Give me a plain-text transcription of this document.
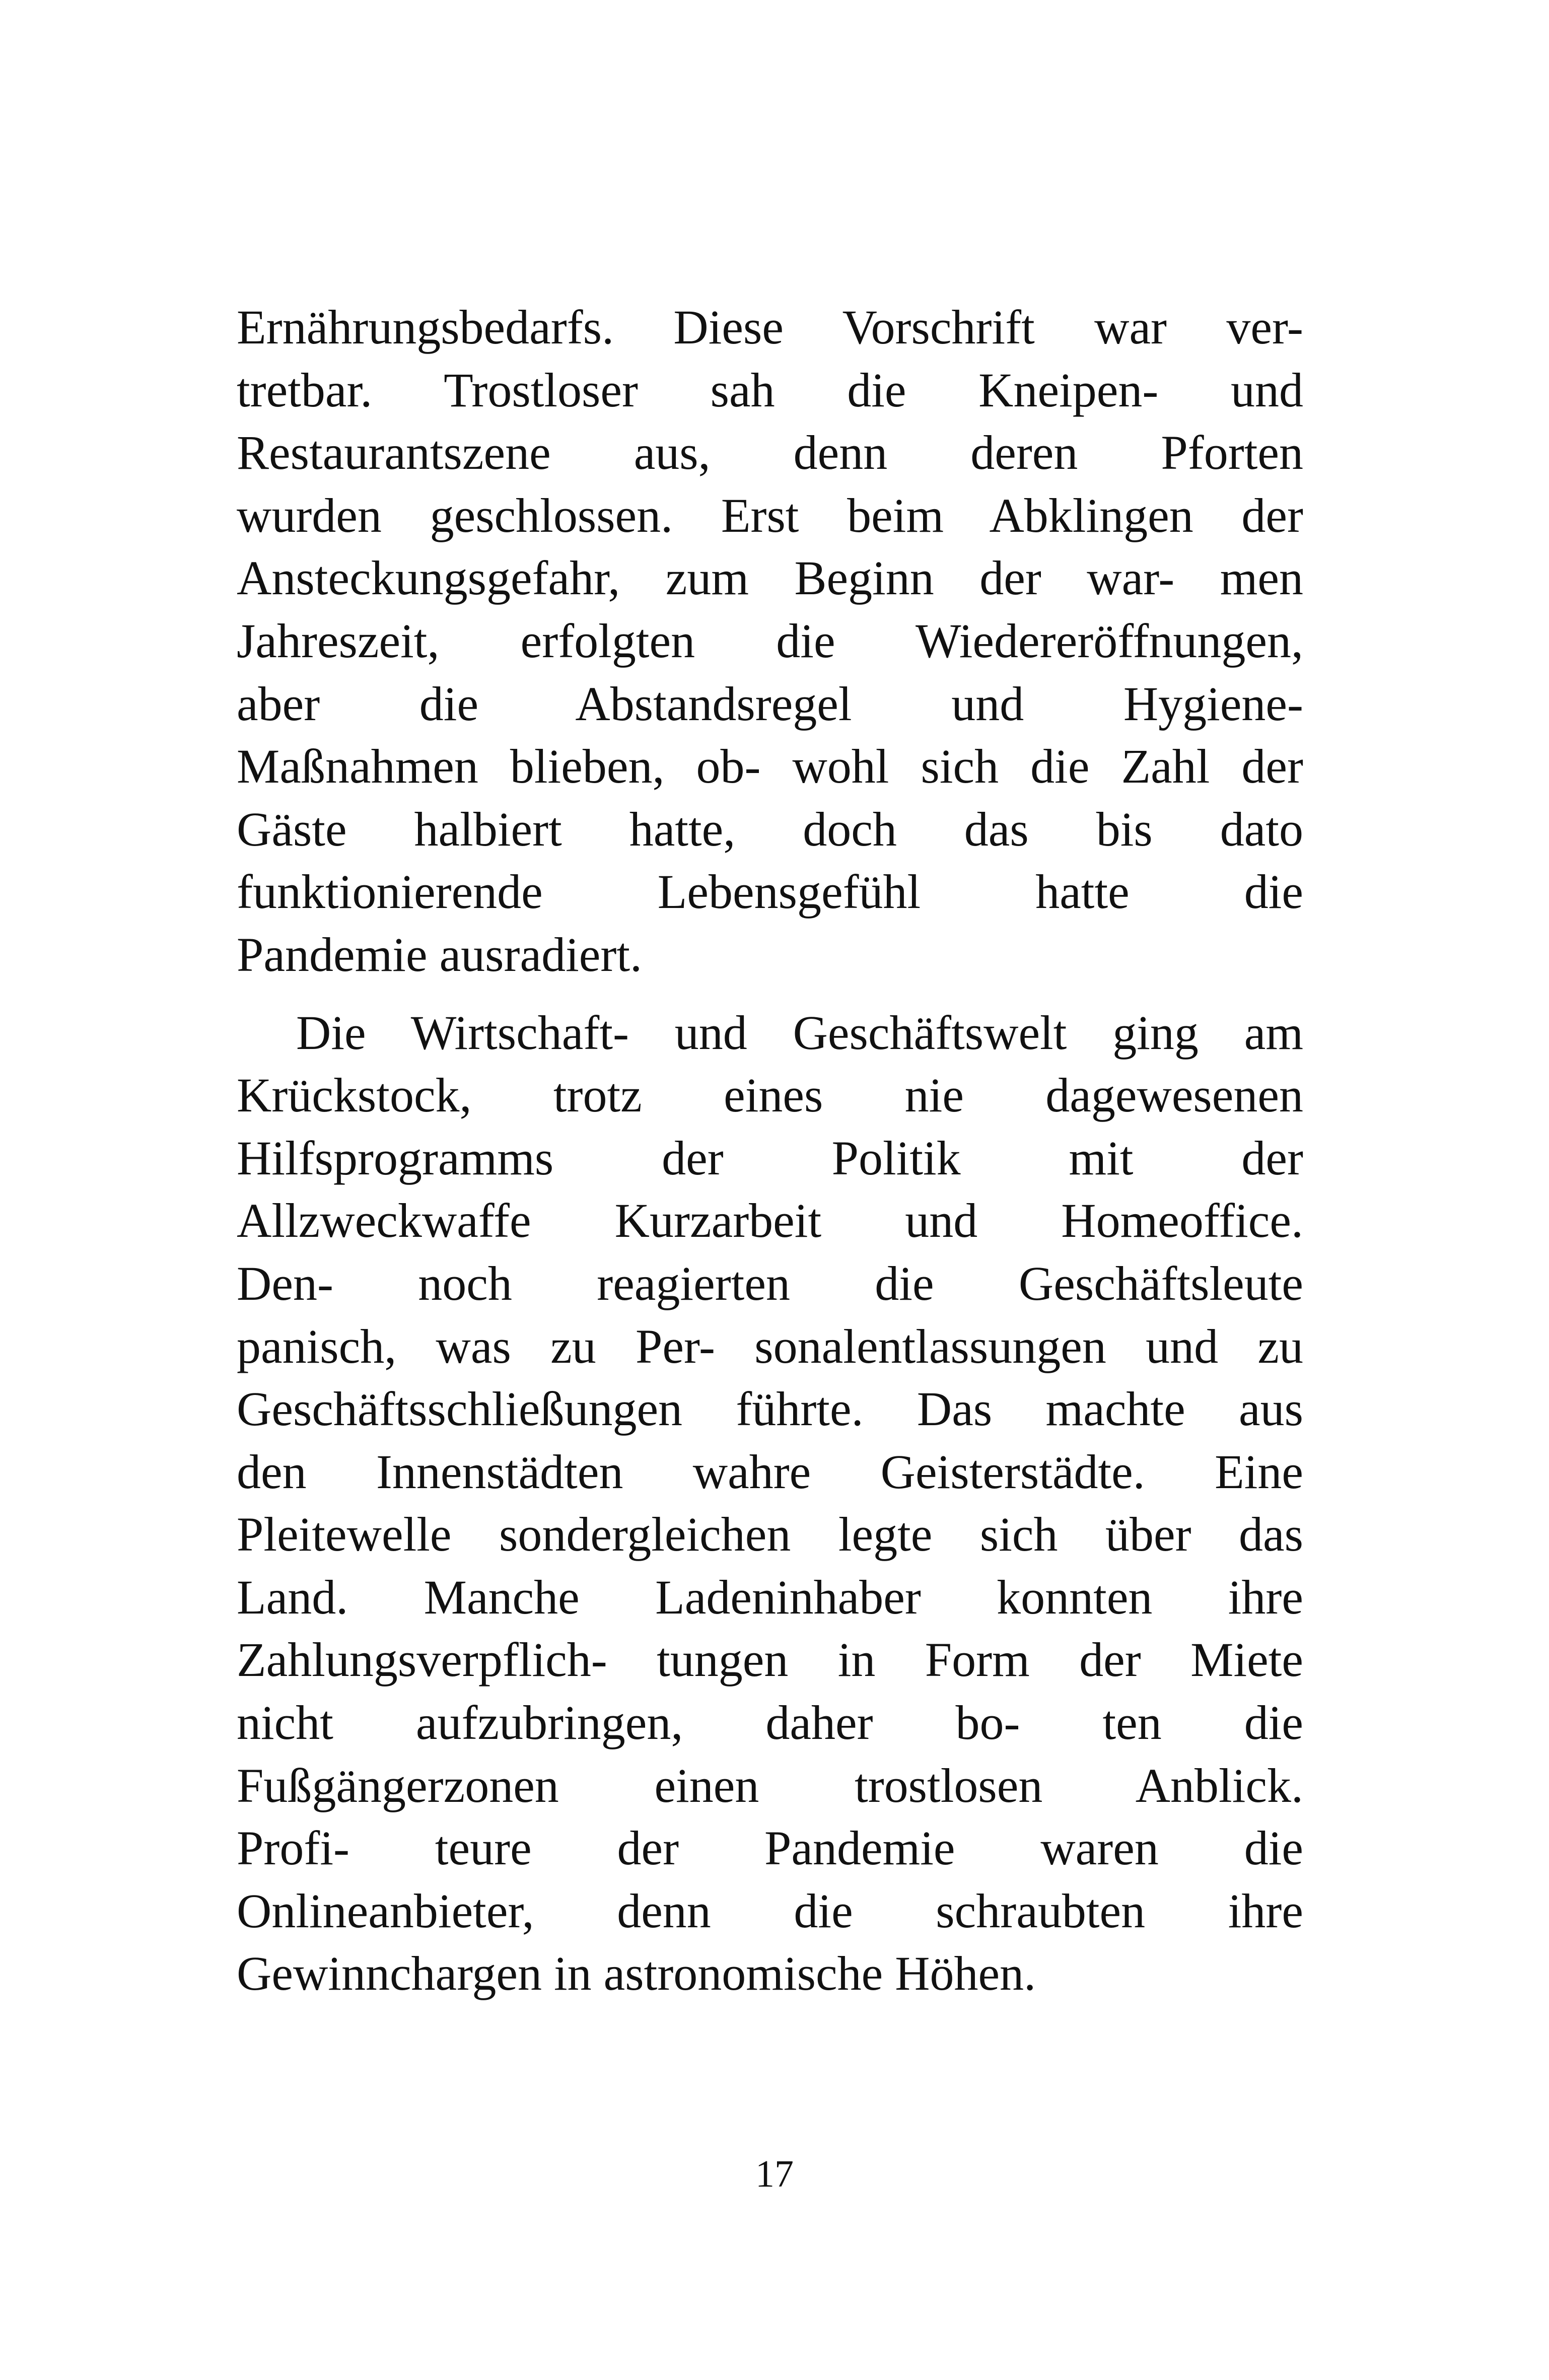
Ernährungsbedarfs. Diese Vorschrift war ver-
tretbar. Trostloser sah die Kneipen- und
Restaurantszene aus, denn deren Pforten
wurden geschlossen. Erst beim Abklingen der
Ansteckungsgefahr, zum Beginn der war- men
Jahreszeit, erfolgten die Wiedereröffnungen,
aber die Abstandsregel und Hygiene-
Maßnahmen blieben, ob- wohl sich die Zahl der
Gäste halbiert hatte, doch das bis dato
funktionierende Lebensgefühl hatte die
Pandemie ausradiert.
Die Wirtschaft- und Geschäftswelt ging am
Krückstock, trotz eines nie dagewesenen
Hilfsprogramms der Politik mit der
Allzweckwaffe Kurzarbeit und Homeoffice.
Den- noch reagierten die Geschäftsleute
panisch, was zu Per- sonalentlassungen und zu
Geschäftsschließungen führte. Das machte aus
den Innenstädten wahre Geisterstädte. Eine
Pleitewelle sondergleichen legte sich über das
Land. Manche Ladeninhaber konnten ihre
Zahlungsverpflich- tungen in Form der Miete
nicht aufzubringen, daher bo- ten die
Fußgängerzonen einen trostlosen Anblick.
Profi- teure der Pandemie waren die
Onlineanbieter, denn die schraubten ihre
Gewinnchargen in astronomische Höhen.
17
